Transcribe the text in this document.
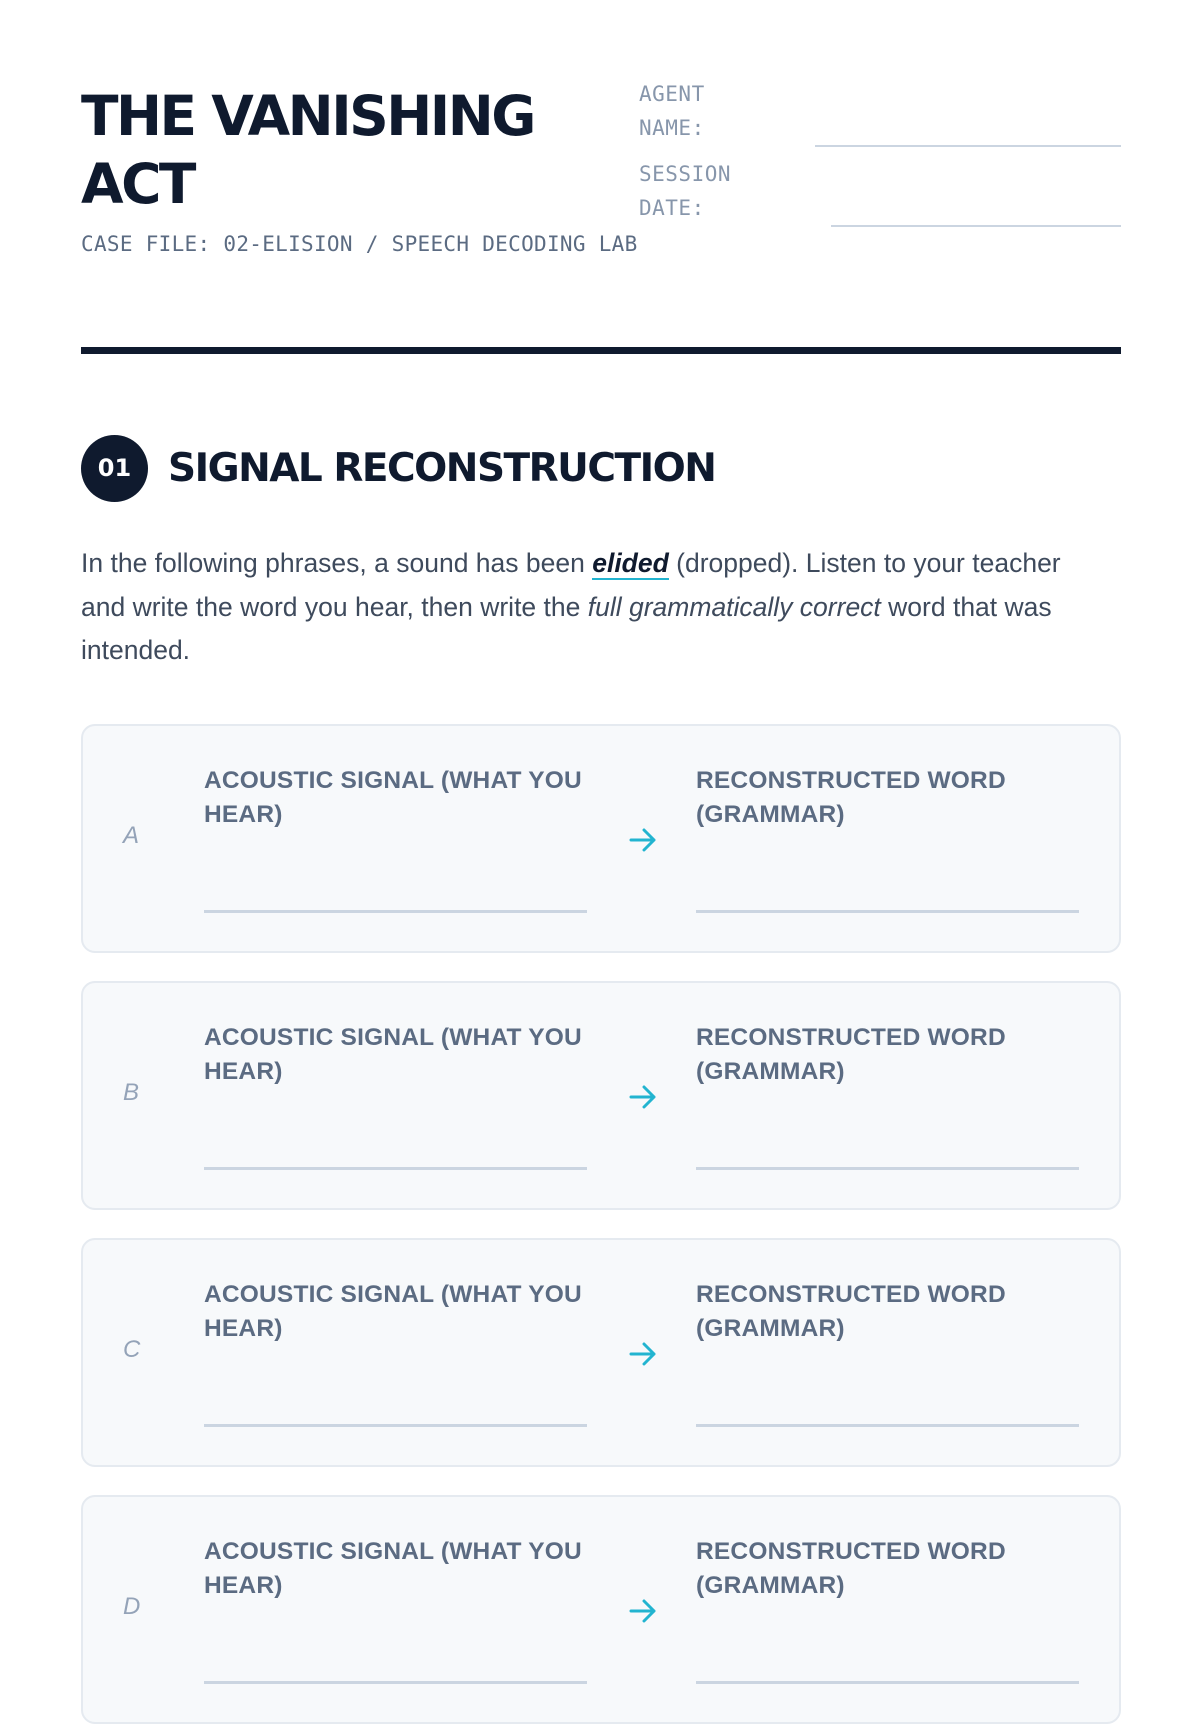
THE VANISHING ACT
CASE FILE: 02-ELISION / SPEECH DECODING LAB
AGENT NAME:
SESSION DATE:
01 SIGNAL RECONSTRUCTION

In the following phrases, a sound has been elided (dropped). Listen to your teacher and write the word you hear, then write the full grammatically correct word that was intended.

A
ACOUSTIC SIGNAL (WHAT YOU HEAR)
RECONSTRUCTED WORD (GRAMMAR)
B
ACOUSTIC SIGNAL (WHAT YOU HEAR)
RECONSTRUCTED WORD (GRAMMAR)
C
ACOUSTIC SIGNAL (WHAT YOU HEAR)
RECONSTRUCTED WORD (GRAMMAR)
D
ACOUSTIC SIGNAL (WHAT YOU HEAR)
RECONSTRUCTED WORD (GRAMMAR)
